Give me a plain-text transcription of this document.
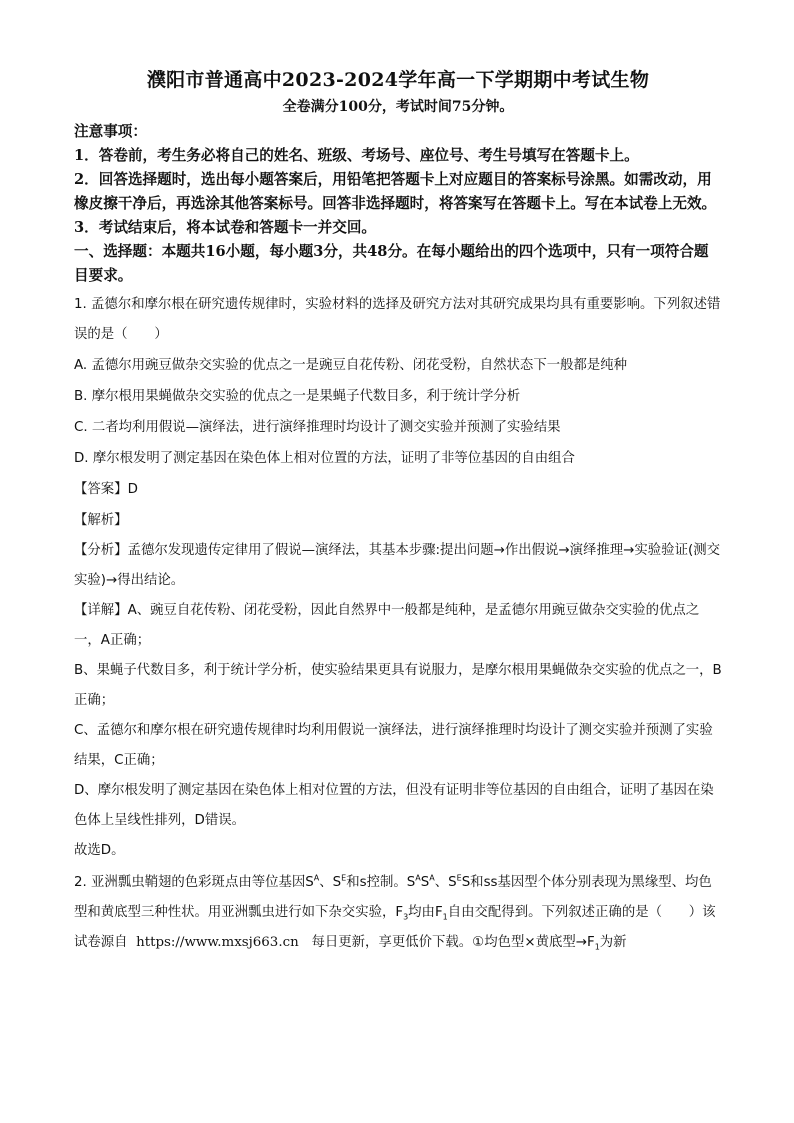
濮阳市普通高中2023-2024学年高一下学期期中考试生物

全卷满分100分，考试时间75分钟。

注意事项：

1．答卷前，考生务必将自己的姓名、班级、考场号、座位号、考生号填写在答题卡上。

2．回答选择题时，选出每小题答案后，用铅笔把答题卡上对应题目的答案标号涂黑。如需改动，用橡皮擦干净后，再选涂其他答案标号。回答非选择题时，将答案写在答题卡上。写在本试卷上无效。

3．考试结束后，将本试卷和答题卡一并交回。

一、选择题：本题共16小题，每小题3分，共48分。在每小题给出的四个选项中，只有一项符合题目要求。

1. 孟德尔和摩尔根在研究遗传规律时，实验材料的选择及研究方法对其研究成果均具有重要影响。下列叙述错误的是（　　）

A. 孟德尔用豌豆做杂交实验的优点之一是豌豆自花传粉、闭花受粉，自然状态下一般都是纯种

B. 摩尔根用果蝇做杂交实验的优点之一是果蝇子代数目多，利于统计学分析

C. 二者均利用假说—演绎法，进行演绎推理时均设计了测交实验并预测了实验结果

D. 摩尔根发明了测定基因在染色体上相对位置的方法，证明了非等位基因的自由组合

【答案】D

【解析】

【分析】孟德尔发现遗传定律用了假说—演绎法，其基本步骤:提出问题→作出假说→演绎推理→实验验证(测交实验)→得出结论。

【详解】A、豌豆自花传粉、闭花受粉，因此自然界中一般都是纯种，是孟德尔用豌豆做杂交实验的优点之一，A正确；

B、果蝇子代数目多，利于统计学分析，使实验结果更具有说服力，是摩尔根用果蝇做杂交实验的优点之一，B正确；

C、孟德尔和摩尔根在研究遗传规律时均利用假说一演绎法，进行演绎推理时均设计了测交实验并预测了实验结果，C正确；

D、摩尔根发明了测定基因在染色体上相对位置的方法，但没有证明非等位基因的自由组合，证明了基因在染色体上呈线性排列，D错误。

故选D。

2. 亚洲瓢虫鞘翅的色彩斑点由等位基因$S^A$、$S^E$和s控制。$S^AS^A$、$S^ES$和ss基因型个体分别表现为黑缘型、均色型和黄底型三种性状。用亚洲瓢虫进行如下杂交实验，$F_3$均由$F_1$自由交配得到。下列叙述正确的是（　　）该试卷源自 https://www.mxsj663.cn 每日更新，享更低价下载。①均色型×黄底型$\to F_1$为新
